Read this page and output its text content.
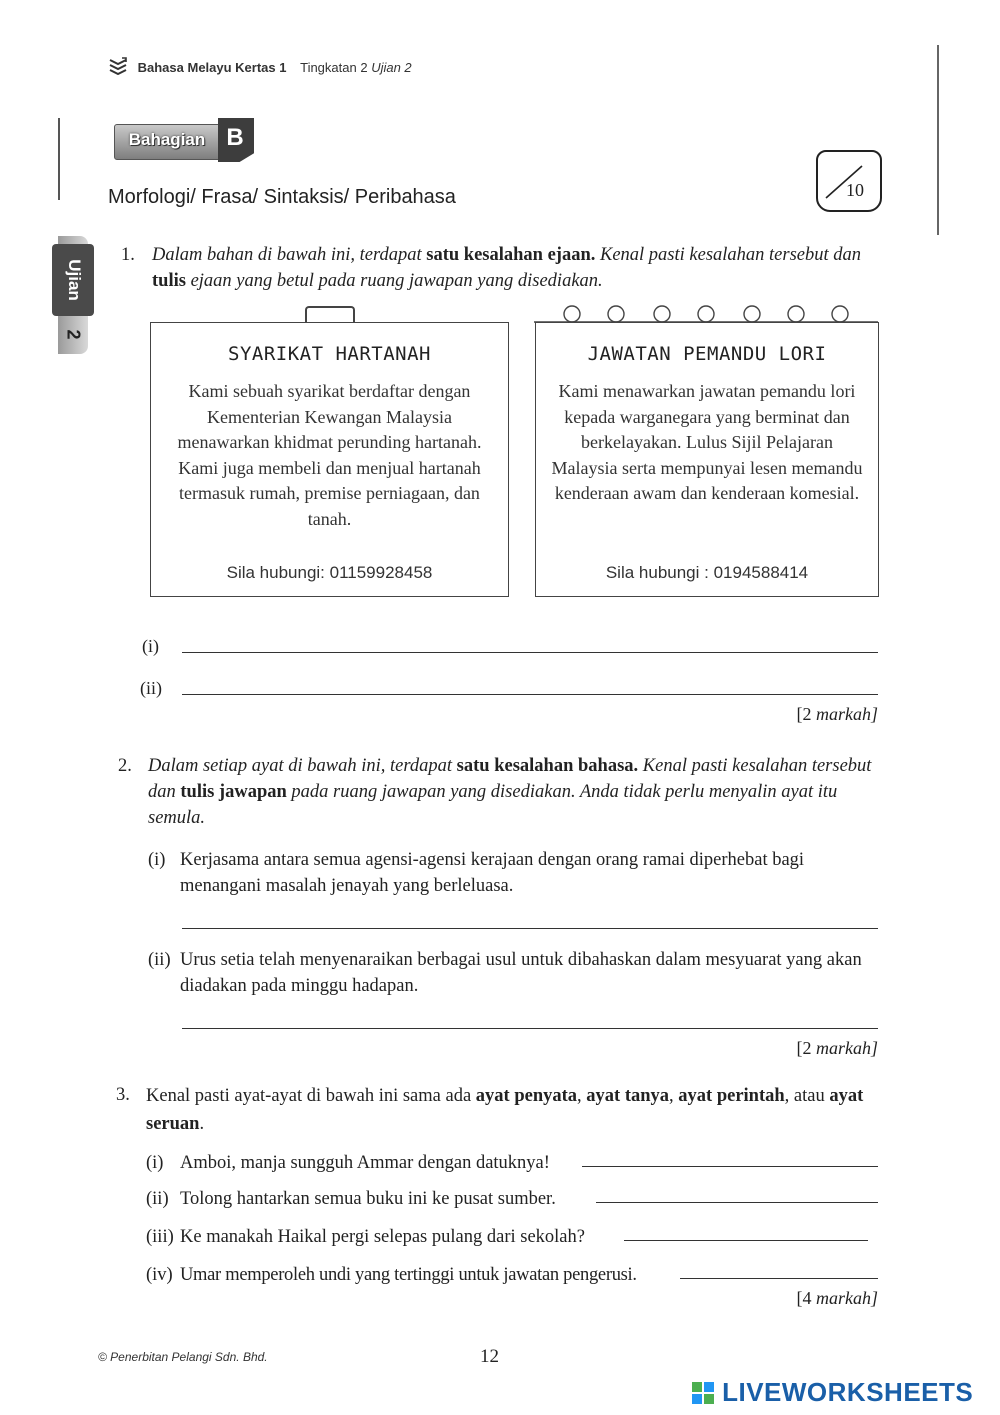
Bahasa Melayu Kertas 1 Tingkatan 2 Ujian 2
Ujian
2
Bahagian B
Morfologi/ Frasa/ Sintaksis/ Peribahasa	10
1. Dalam bahan di bawah ini, terdapat satu kesalahan ejaan. Kenal pasti kesalahan tersebut dan tulis ejaan yang betul pada ruang jawapan yang disediakan.
SYARIKAT HARTANAH
Kami sebuah syarikat berdaftar dengan Kementerian Kewangan Malaysia menawarkan khidmat perunding hartanah. Kami juga membeli dan menjual hartanah termasuk rumah, premise perniagaan, dan tanah.
Sila hubungi: 01159928458
JAWATAN PEMANDU LORI
Kami menawarkan jawatan pemandu lori kepada warganegara yang berminat dan berkelayakan. Lulus Sijil Pelajaran Malaysia serta mempunyai lesen memandu kenderaan awam dan kenderaan komesial.
Sila hubungi : 0194588414
(i)
(ii)
[2 markah]
2. Dalam setiap ayat di bawah ini, terdapat satu kesalahan bahasa. Kenal pasti kesalahan tersebut dan tulis jawapan pada ruang jawapan yang disediakan. Anda tidak perlu menyalin ayat itu semula.
(i) Kerjasama antara semua agensi-agensi kerajaan dengan orang ramai diperhebat bagi menangani masalah jenayah yang berleluasa.
(ii) Urus setia telah menyenaraikan berbagai usul untuk dibahaskan dalam mesyuarat yang akan diadakan pada minggu hadapan.
[2 markah]
3. Kenal pasti ayat-ayat di bawah ini sama ada ayat penyata, ayat tanya, ayat perintah, atau ayat seruan.
(i) Amboi, manja sungguh Ammar dengan datuknya!
(ii) Tolong hantarkan semua buku ini ke pusat sumber.
(iii) Ke manakah Haikal pergi selepas pulang dari sekolah?
(iv) Umar memperoleh undi yang tertinggi untuk jawatan pengerusi.
[4 markah]
© Penerbitan Pelangi Sdn. Bhd.	12
LIVEWORKSHEETS
